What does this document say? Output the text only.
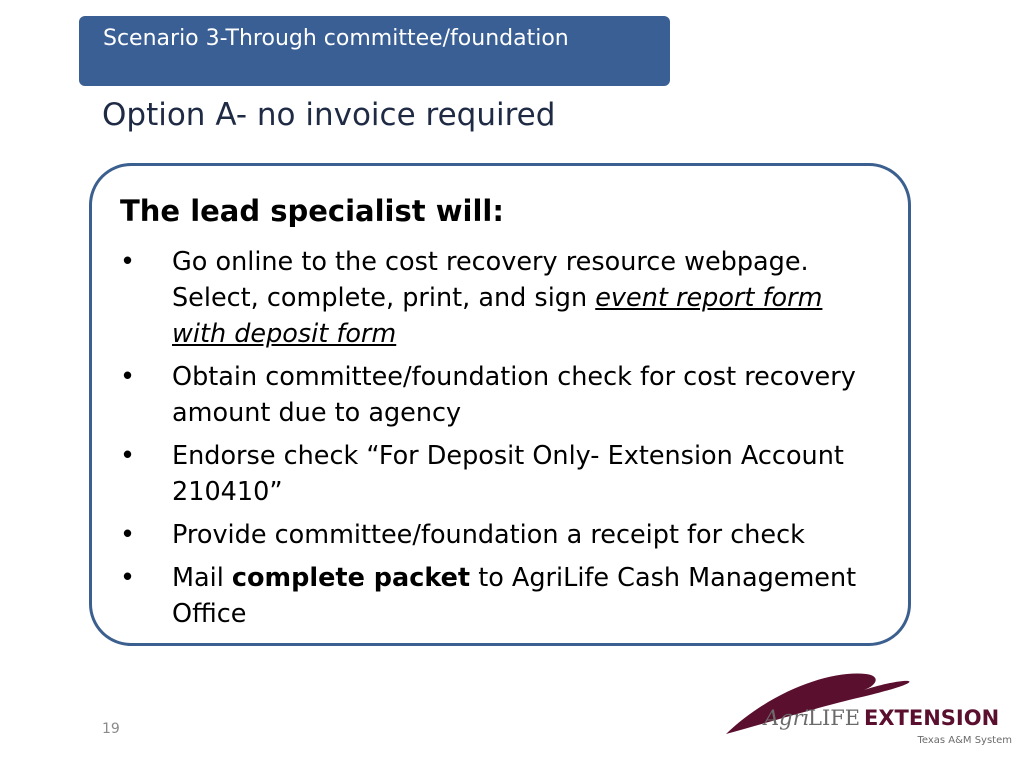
Scenario 3-Through committee/foundation
Option A- no invoice required
The lead specialist will:
• Go online to the cost recovery resource webpage. Select, complete, print, and sign event report form with deposit form
• Obtain committee/foundation check for cost recovery amount due to agency
• Endorse check “For Deposit Only- Extension Account 210410”
• Provide committee/foundation a receipt for check
• Mail complete packet to AgriLife Cash Management Office
19	Agri
LIFE EXTENSION
Texas A&M System
